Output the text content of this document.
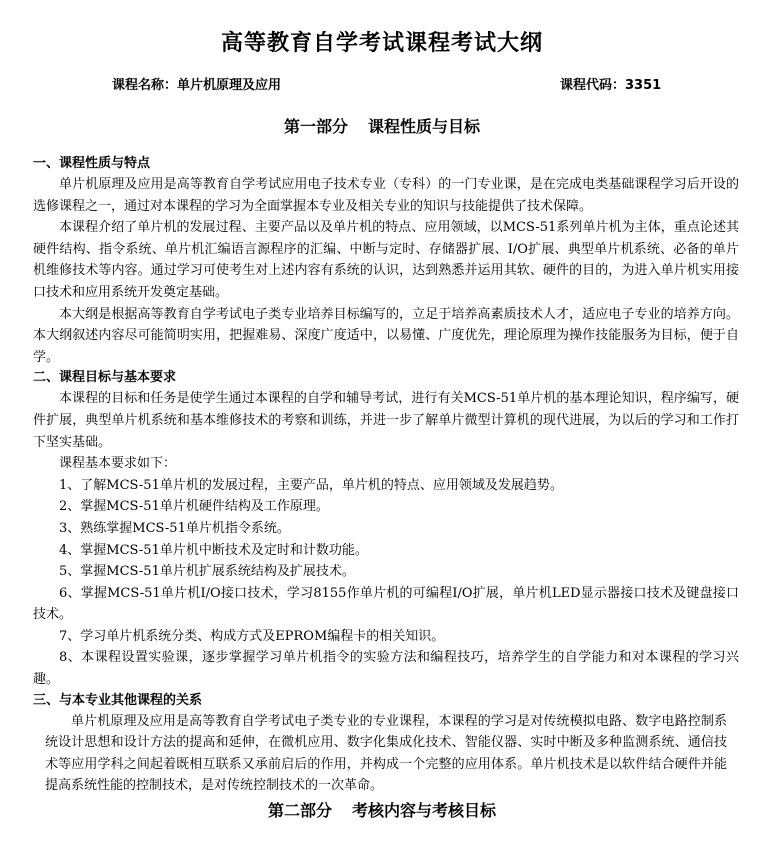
高等教育自学考试课程考试大纲
课程名称：单片机原理及应用	课程代码：3351
第一部分 课程性质与目标

一、课程性质与特点

单片机原理及应用是高等教育自学考试应用电子技术专业（专科）的一门专业课，是在完成电类基础课程学习后开设的选修课程之一，通过对本课程的学习为全面掌握本专业及相关专业的知识与技能提供了技术保障。

本课程介绍了单片机的发展过程、主要产品以及单片机的特点、应用领域，以MCS-51系列单片机为主体，重点论述其硬件结构、指令系统、单片机汇编语言源程序的汇编、中断与定时、存储器扩展、I/O扩展、典型单片机系统、必备的单片机维修技术等内容。通过学习可使考生对上述内容有系统的认识，达到熟悉并运用其软、硬件的目的，为进入单片机实用接口技术和应用系统开发奠定基础。

本大纲是根据高等教育自学考试电子类专业培养目标编写的，立足于培养高素质技术人才，适应电子专业的培养方向。本大纲叙述内容尽可能简明实用，把握难易、深度广度适中，以易懂、广度优先，理论原理为操作技能服务为目标，便于自学。

二、课程目标与基本要求

本课程的目标和任务是使学生通过本课程的自学和辅导考试，进行有关MCS-51单片机的基本理论知识，程序编写，硬件扩展，典型单片机系统和基本维修技术的考察和训练，并进一步了解单片微型计算机的现代进展，为以后的学习和工作打下坚实基础。

课程基本要求如下：

1、了解MCS-51单片机的发展过程，主要产品，单片机的特点、应用领域及发展趋势。

2、掌握MCS-51单片机硬件结构及工作原理。

3、熟练掌握MCS-51单片机指令系统。

4、掌握MCS-51单片机中断技术及定时和计数功能。

5、掌握MCS-51单片机扩展系统结构及扩展技术。

6、掌握MCS-51单片机I/O接口技术，学习8155作单片机的可编程I/O扩展，单片机LED显示器接口技术及键盘接口技术。

7、学习单片机系统分类、构成方式及EPROM编程卡的相关知识。

8、本课程设置实验课，逐步掌握学习单片机指令的实验方法和编程技巧，培养学生的自学能力和对本课程的学习兴趣。

三、与本专业其他课程的关系

单片机原理及应用是高等教育自学考试电子类专业的专业课程，本课程的学习是对传统模拟电路、数字电路控制系统设计思想和设计方法的提高和延伸，在微机应用、数字化集成化技术、智能仪器、实时中断及多种监测系统、通信技术等应用学科之间起着既相互联系又承前启后的作用，并构成一个完整的应用体系。单片机技术是以软件结合硬件并能提高系统性能的控制技术，是对传统控制技术的一次革命。

第二部分 考核内容与考核目标
